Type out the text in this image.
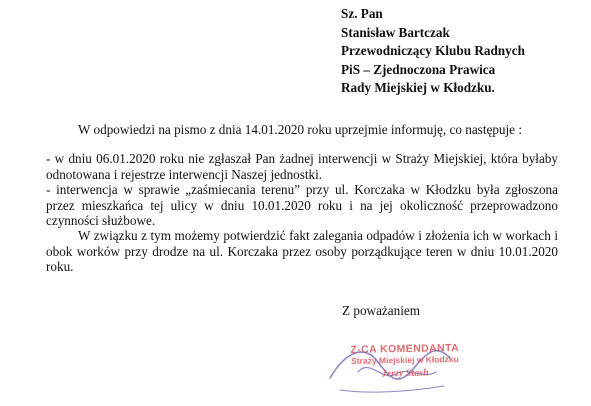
Sz. Pan
Stanisław Bartczak
Przewodniczący Klubu Radnych
PiS – Zjednoczona Prawica
Rady Miejskiej w Kłodzku.
W odpowiedzi na pismo z dnia 14.01.2020 roku uprzejmie informuję, co następuje :
- w dniu 06.01.2020 roku nie zgłaszał Pan żadnej interwencji w Straży Miejskiej, która byłaby odnotowana i rejestrze interwencji Naszej jednostki.
- interwencja w sprawie „zaśmiecania terenu” przy ul. Korczaka w Kłodzku była zgłoszona przez mieszkańca tej ulicy w dniu 10.01.2020 roku i na jej okoliczność przeprowadzono czynności służbowe.
W związku z tym możemy potwierdzić fakt zalegania odpadów i złożenia ich w workach i obok worków przy drodze na ul. Korczaka przez osoby porządkujące teren w dniu 10.01.2020 roku.
Z poważaniem
Z-CA KOMENDANTA
Straży Miejskiej w Kłodzku
Jerzy Stash
